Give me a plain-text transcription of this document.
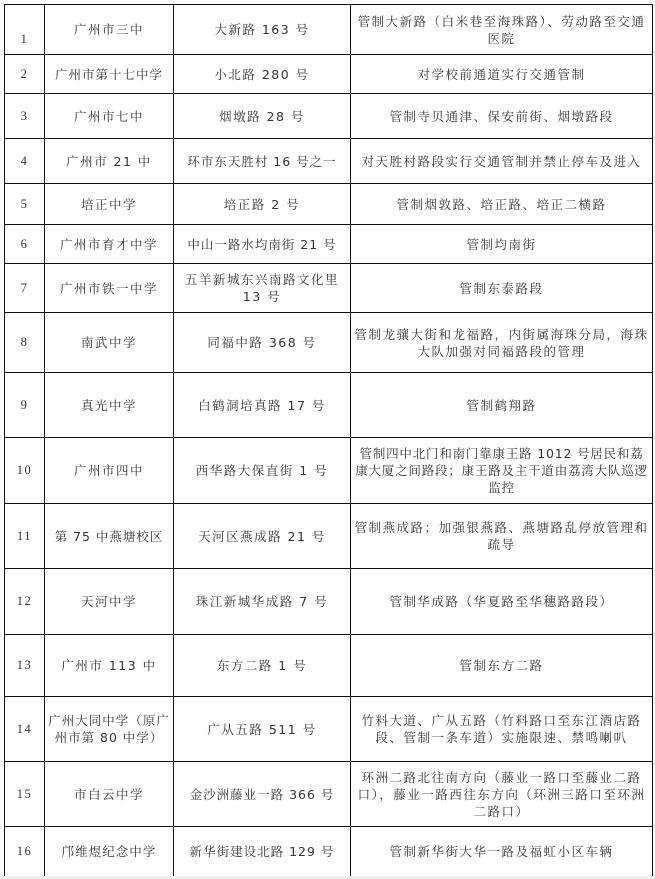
1	广州市三中	大新路 163 号	管制大新路（白米巷至海珠路）、劳动路至交通医院
2	广州市第十七中学	小北路 280 号	对学校前通道实行交通管制
3	广州市七中	烟墩路 28 号	管制寺贝通津、保安前街、烟墩路段
4	广州市 21 中	环市东天胜村 16 号之一	对天胜村路段实行交通管制并禁止停车及进入
5	培正中学	培正路 2 号	管制烟敦路、培正路、培正二横路
6	广州市育才中学	中山一路水均南街 21 号	管制均南街
7	广州市铁一中学	五羊新城东兴南路文化里 13 号	管制东泰路段
8	南武中学	同福中路 368 号	管制龙骧大街和龙福路，内街属海珠分局，海珠大队加强对同福路段的管理
9	真光中学	白鹤洞培真路 17 号	管制鹤翔路
10	广州市四中	西华路大保直街 1 号	管制四中北门和南门靠康王路 1012 号居民和荔康大厦之间路段；康王路及主干道由荔湾大队巡逻监控
11	第 75 中燕塘校区	天河区燕成路 21 号	管制燕成路；加强银燕路、燕塘路乱停放管理和疏导
12	天河中学	珠江新城华成路 7 号	管制华成路（华夏路至华穗路路段）
13	广州市 113 中	东方二路 1 号	管制东方二路
14	广州大同中学（原广州市第 80 中学）	广从五路 511 号	竹料大道、广从五路（竹料路口至东江酒店路段、管制一条车道）实施限速、禁鸣喇叭
15	市白云中学	金沙洲藤业一路 366 号	环洲二路北往南方向（藤业一路口至藤业二路口），藤业一路西往东方向（环洲三路口至环洲二路口）
16	邝维煜纪念中学	新华街建设北路 129 号	管制新华街大华一路及福虹小区车辆
